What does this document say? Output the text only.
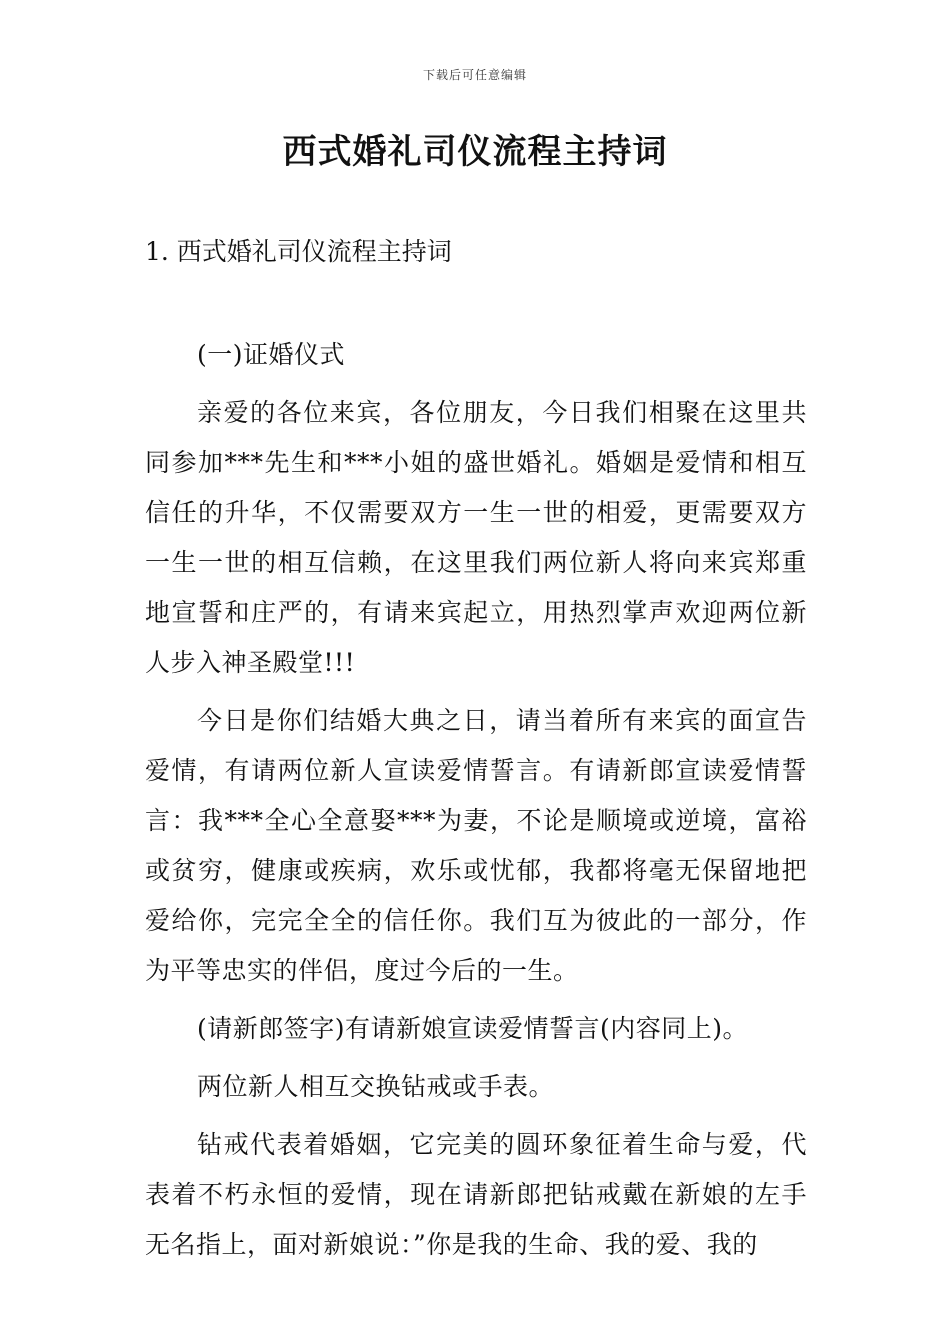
下载后可任意编辑
西式婚礼司仪流程主持词
1. 西式婚礼司仪流程主持词

(一)证婚仪式

亲爱的各位来宾，各位朋友，今日我们相聚在这里共同参加***先生和***小姐的盛世婚礼。婚姻是爱情和相互信任的升华，不仅需要双方一生一世的相爱，更需要双方一生一世的相互信赖，在这里我们两位新人将向来宾郑重地宣誓和庄严的，有请来宾起立，用热烈掌声欢迎两位新人步入神圣殿堂!!!

今日是你们结婚大典之日，请当着所有来宾的面宣告爱情，有请两位新人宣读爱情誓言。有请新郎宣读爱情誓言：我***全心全意娶***为妻，不论是顺境或逆境，富裕或贫穷，健康或疾病，欢乐或忧郁，我都将毫无保留地把爱给你，完完全全的信任你。我们互为彼此的一部分，作为平等忠实的伴侣，度过今后的一生。

(请新郎签字)有请新娘宣读爱情誓言(内容同上)。

两位新人相互交换钻戒或手表。

钻戒代表着婚姻，它完美的圆环象征着生命与爱，代表着不朽永恒的爱情，现在请新郎把钻戒戴在新娘的左手无名指上，面对新娘说：”你是我的生命、我的爱、我的
